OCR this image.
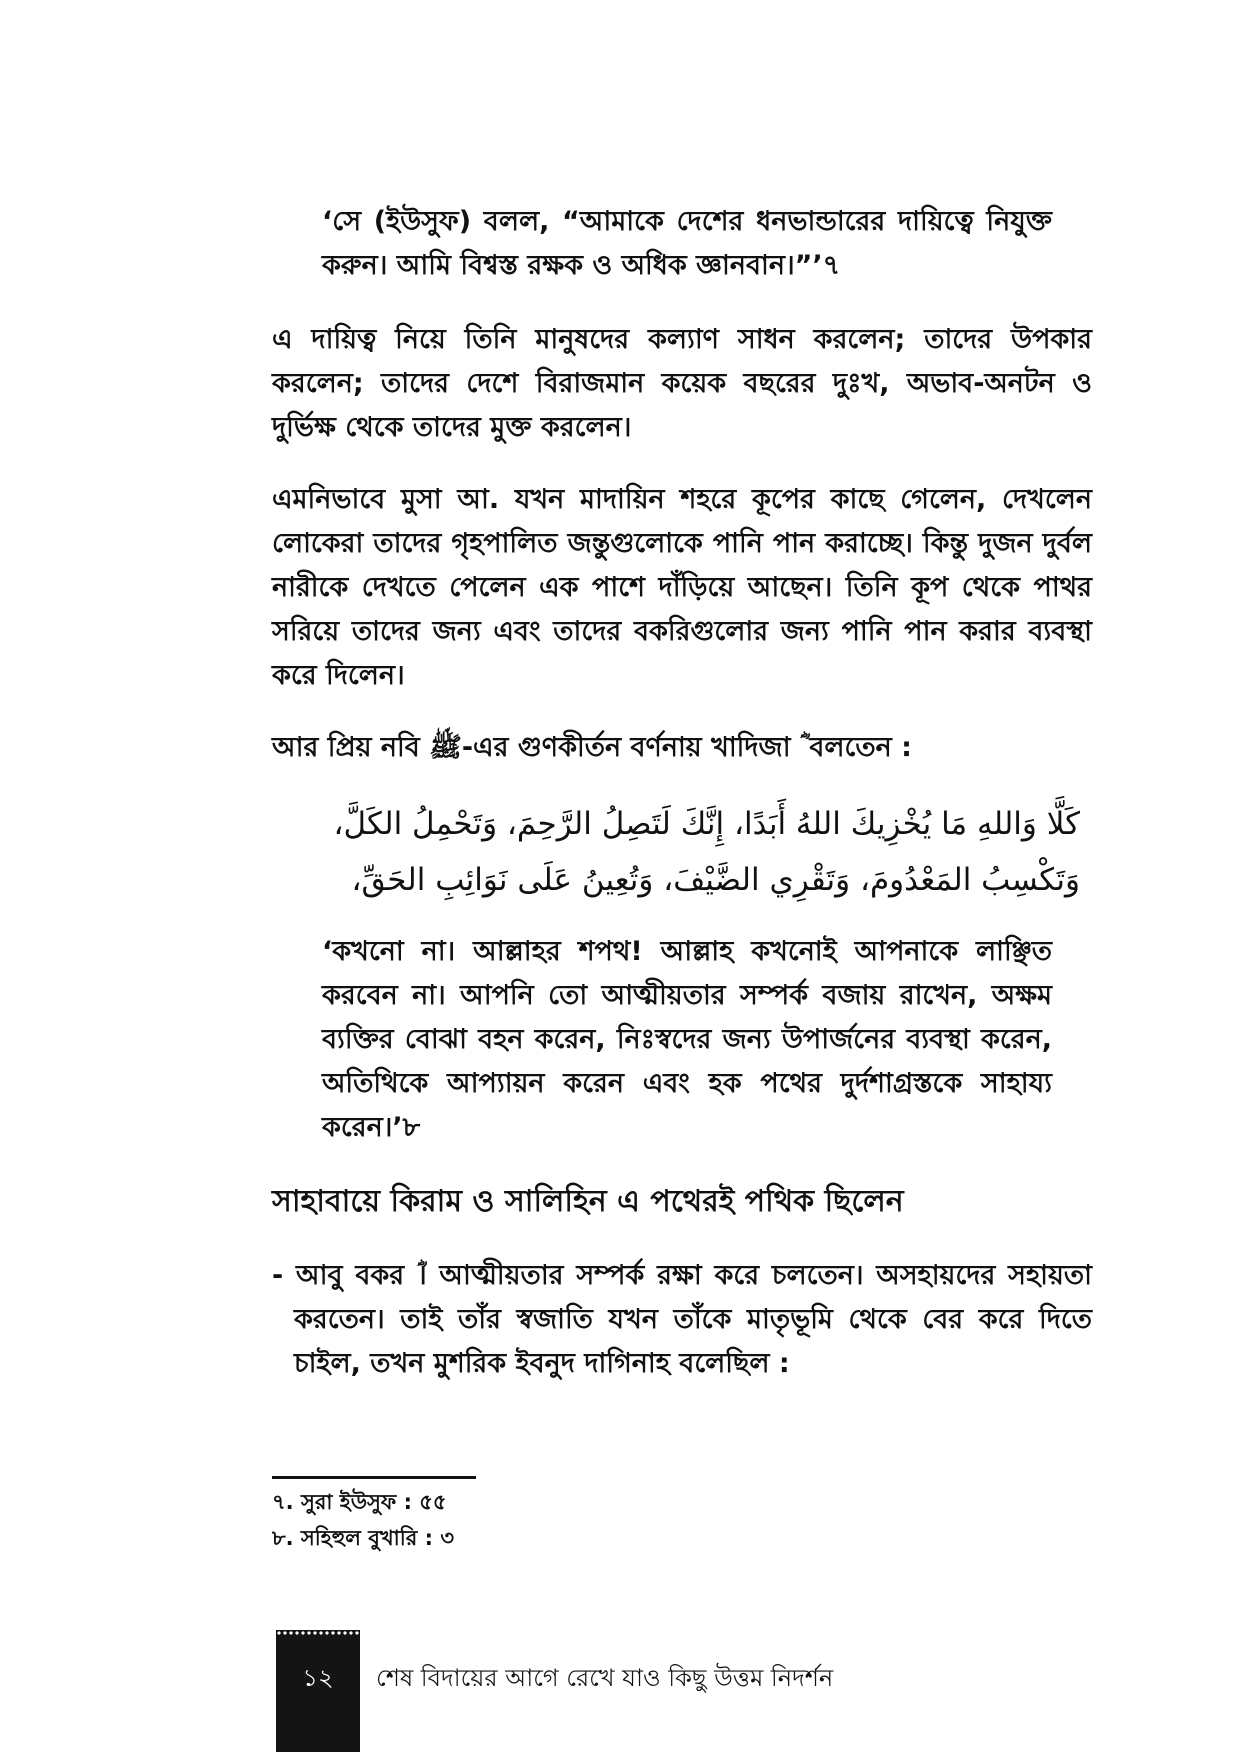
‘সে (ইউসুফ) বলল, “আমাকে দেশের ধনভান্ডারের দায়িত্বে নিযুক্ত করুন। আমি বিশ্বস্ত রক্ষক ও অধিক জ্ঞানবান।”’৭
এ দায়িত্ব নিয়ে তিনি মানুষদের কল্যাণ সাধন করলেন; তাদের উপকার করলেন; তাদের দেশে বিরাজমান কয়েক বছরের দুঃখ, অভাব-অনটন ও দুর্ভিক্ষ থেকে তাদের মুক্ত করলেন।
এমনিভাবে মুসা আ. যখন মাদায়িন শহরে কূপের কাছে গেলেন, দেখলেন লোকেরা তাদের গৃহপালিত জন্তুগুলোকে পানি পান করাচ্ছে। কিন্তু দুজন দুর্বল নারীকে দেখতে পেলেন এক পাশে দাঁড়িয়ে আছেন। তিনি কূপ থেকে পাথর সরিয়ে তাদের জন্য এবং তাদের বকরিগুলোর জন্য পানি পান করার ব্যবস্থা করে দিলেন।
আর প্রিয় নবি ﷺ-এর গুণকীর্তন বর্ণনায় খাদিজা ؓ বলতেন :
كَلَّا وَاللهِ مَا يُخْزِيكَ اللهُ أَبَدًا، إِنَّكَ لَتَصِلُ الرَّحِمَ، وَتَحْمِلُ الكَلَّ،
وَتَكْسِبُ المَعْدُومَ، وَتَقْرِي الضَّيْفَ، وَتُعِينُ عَلَى نَوَائِبِ الحَقِّ،
‘কখনো না। আল্লাহর শপথ! আল্লাহ কখনোই আপনাকে লাঞ্ছিত করবেন না। আপনি তো আত্মীয়তার সম্পর্ক বজায় রাখেন, অক্ষম ব্যক্তির বোঝা বহন করেন, নিঃস্বদের জন্য উপার্জনের ব্যবস্থা করেন, অতিথিকে আপ্যায়ন করেন এবং হক পথের দুর্দশাগ্রস্তকে সাহায্য করেন।’৮
সাহাবায়ে কিরাম ও সালিহিন এ পথেরই পথিক ছিলেন
- আবু বকর ؓ। আত্মীয়তার সম্পর্ক রক্ষা করে চলতেন। অসহায়দের সহায়তা করতেন। তাই তাঁর স্বজাতি যখন তাঁকে মাতৃভূমি থেকে বের করে দিতে চাইল, তখন মুশরিক ইবনুদ দাগিনাহ বলেছিল :
৭. সুরা ইউসুফ : ৫৫
৮. সহিহুল বুখারি : ৩
১২	শেষ বিদায়ের আগে রেখে যাও কিছু উত্তম নিদর্শন
